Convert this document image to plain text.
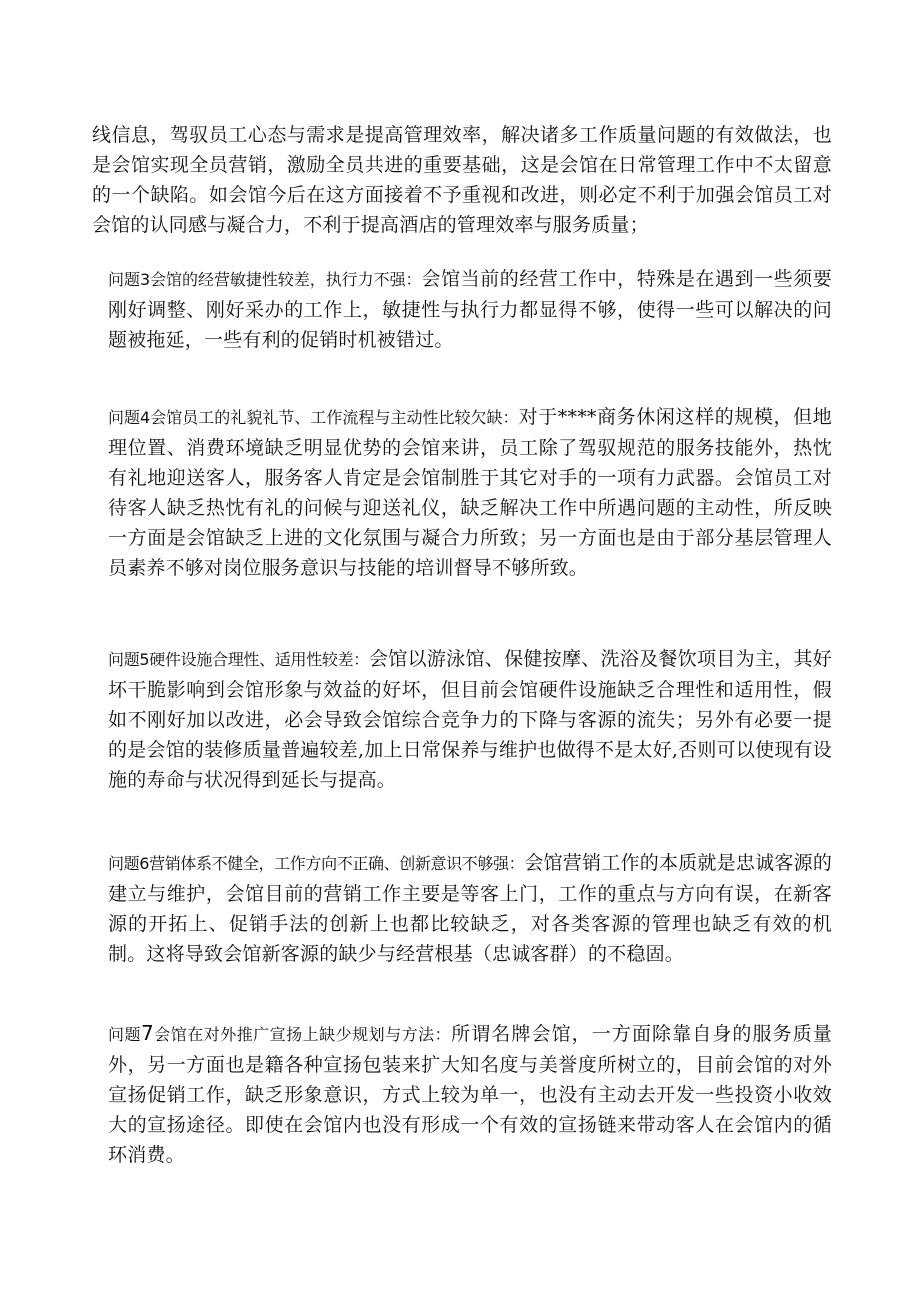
线信息，驾驭员工心态与需求是提高管理效率，解决诸多工作质量问题的有效做法，也是会馆实现全员营销，激励全员共进的重要基础，这是会馆在日常管理工作中不太留意的一个缺陷。如会馆今后在这方面接着不予重视和改进，则必定不利于加强会馆员工对会馆的认同感与凝合力，不利于提高酒店的管理效率与服务质量；

问题3会馆的经营敏捷性较差，执行力不强：会馆当前的经营工作中，特殊是在遇到一些须要刚好调整、刚好采办的工作上，敏捷性与执行力都显得不够，使得一些可以解决的问题被拖延，一些有利的促销时机被错过。

问题4会馆员工的礼貌礼节、工作流程与主动性比较欠缺：对于****商务休闲这样的规模，但地理位置、消费环境缺乏明显优势的会馆来讲，员工除了驾驭规范的服务技能外，热忱有礼地迎送客人，服务客人肯定是会馆制胜于其它对手的一项有力武器。会馆员工对待客人缺乏热忱有礼的问候与迎送礼仪，缺乏解决工作中所遇问题的主动性，所反映一方面是会馆缺乏上进的文化氛围与凝合力所致；另一方面也是由于部分基层管理人员素养不够对岗位服务意识与技能的培训督导不够所致。

问题5硬件设施合理性、适用性较差：会馆以游泳馆、保健按摩、洗浴及餐饮项目为主，其好坏干脆影响到会馆形象与效益的好坏，但目前会馆硬件设施缺乏合理性和适用性，假如不刚好加以改进，必会导致会馆综合竞争力的下降与客源的流失；另外有必要一提的是会馆的装修质量普遍较差,加上日常保养与维护也做得不是太好,否则可以使现有设施的寿命与状况得到延长与提高。

问题6营销体系不健全，工作方向不正确、创新意识不够强：会馆营销工作的本质就是忠诚客源的建立与维护，会馆目前的营销工作主要是等客上门，工作的重点与方向有误，在新客源的开拓上、促销手法的创新上也都比较缺乏，对各类客源的管理也缺乏有效的机制。这将导致会馆新客源的缺少与经营根基（忠诚客群）的不稳固。

问题7会馆在对外推广宣扬上缺少规划与方法：所谓名牌会馆，一方面除靠自身的服务质量外，另一方面也是籍各种宣扬包装来扩大知名度与美誉度所树立的，目前会馆的对外宣扬促销工作，缺乏形象意识，方式上较为单一，也没有主动去开发一些投资小收效大的宣扬途径。即使在会馆内也没有形成一个有效的宣扬链来带动客人在会馆内的循环消费。
